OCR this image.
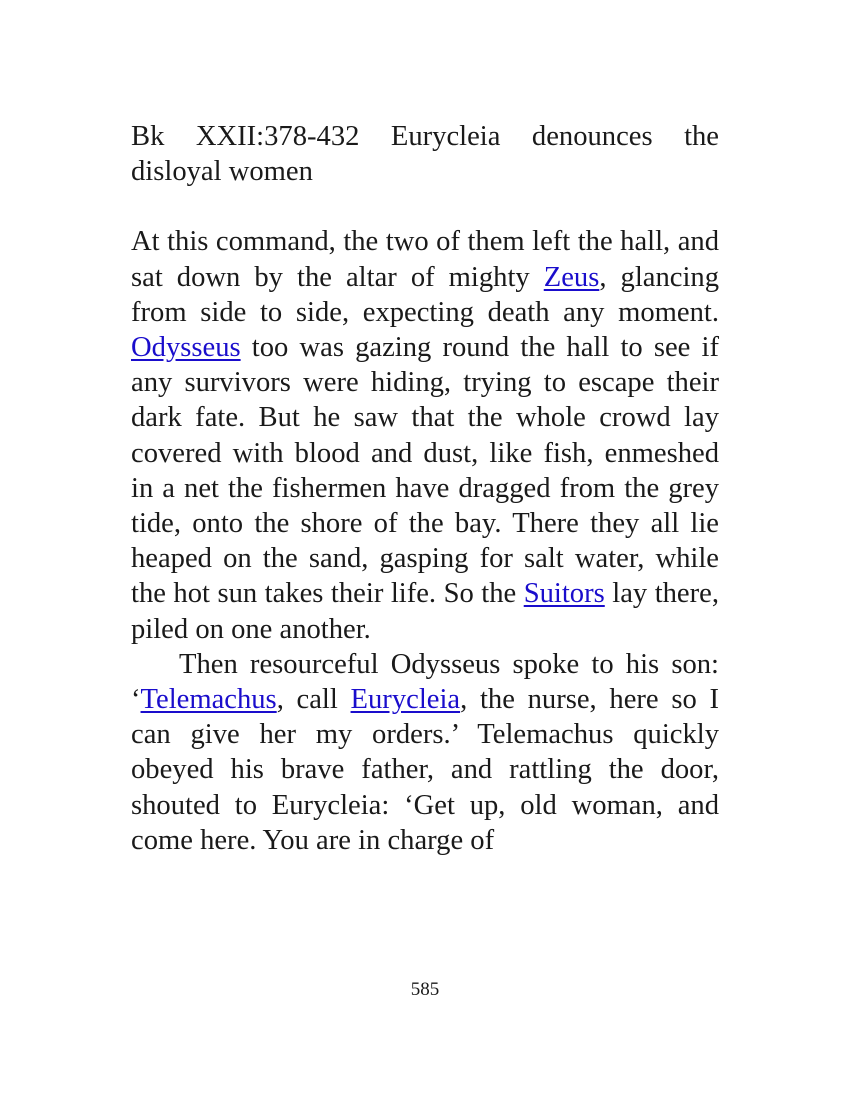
Bk XXII:378-432 Eurycleia denounces the disloyal women

At this command, the two of them left the hall, and sat down by the altar of mighty Zeus, glancing from side to side, expecting death any moment. Odysseus too was gazing round the hall to see if any survivors were hiding, trying to escape their dark fate. But he saw that the whole crowd lay covered with blood and dust, like fish, enmeshed in a net the fishermen have dragged from the grey tide, onto the shore of the bay. There they all lie heaped on the sand, gasping for salt water, while the hot sun takes their life. So the Suitors lay there, piled on one another.

Then resourceful Odysseus spoke to his son: ‘Telemachus, call Eurycleia, the nurse, here so I can give her my orders.’ Telemachus quickly obeyed his brave father, and rattling the door, shouted to Eurycleia: ‘Get up, old woman, and come here. You are in charge of

585
